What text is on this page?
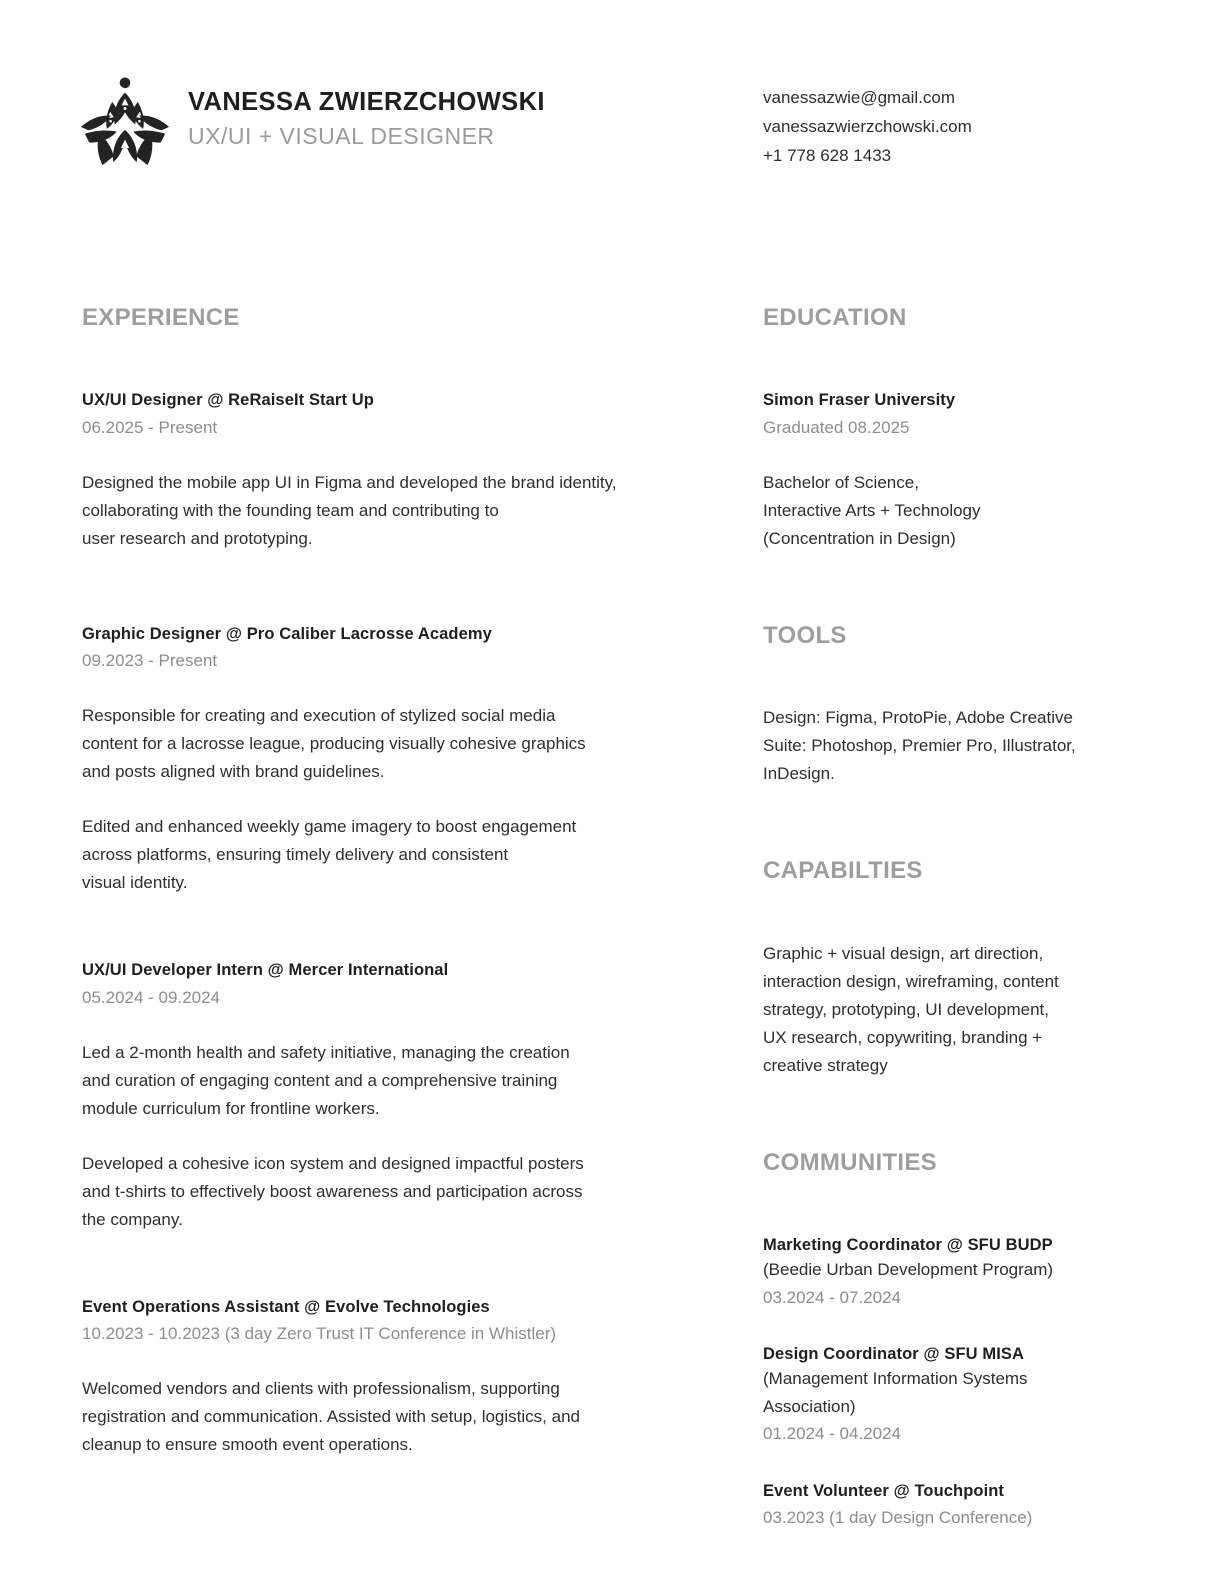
VANESSA ZWIERZCHOWSKI
UX/UI + VISUAL DESIGNER
vanessazwie@gmail.com
vanessazwierzchowski.com
+1 778 628 1433
EXPERIENCE
UX/UI Designer @ ReRaiseIt Start Up
06.2025 - Present
Designed the mobile app UI in Figma and developed the brand identity,
collaborating with the founding team and contributing to
user research and prototyping.
Graphic Designer @ Pro Caliber Lacrosse Academy
09.2023 - Present
Responsible for creating and execution of stylized social media
content for a lacrosse league, producing visually cohesive graphics
and posts aligned with brand guidelines.
Edited and enhanced weekly game imagery to boost engagement
across platforms, ensuring timely delivery and consistent
visual identity.
UX/UI Developer Intern @ Mercer International
05.2024 - 09.2024
Led a 2-month health and safety initiative, managing the creation
and curation of engaging content and a comprehensive training
module curriculum for frontline workers.
Developed a cohesive icon system and designed impactful posters
and t-shirts to effectively boost awareness and participation across
the company.
Event Operations Assistant @ Evolve Technologies
10.2023 - 10.2023 (3 day Zero Trust IT Conference in Whistler)
Welcomed vendors and clients with professionalism, supporting
registration and communication. Assisted with setup, logistics, and
cleanup to ensure smooth event operations.
EDUCATION
Simon Fraser University
Graduated 08.2025
Bachelor of Science,
Interactive Arts + Technology
(Concentration in Design)
TOOLS
Design: Figma, ProtoPie, Adobe Creative
Suite: Photoshop, Premier Pro, Illustrator,
InDesign.
CAPABILTIES
Graphic + visual design, art direction,
interaction design, wireframing, content
strategy, prototyping, UI development,
UX research, copywriting, branding +
creative strategy
COMMUNITIES
Marketing Coordinator @ SFU BUDP
(Beedie Urban Development Program)
03.2024 - 07.2024
Design Coordinator @ SFU MISA
(Management Information Systems
Association)
01.2024 - 04.2024
Event Volunteer @ Touchpoint
03.2023 (1 day Design Conference)
